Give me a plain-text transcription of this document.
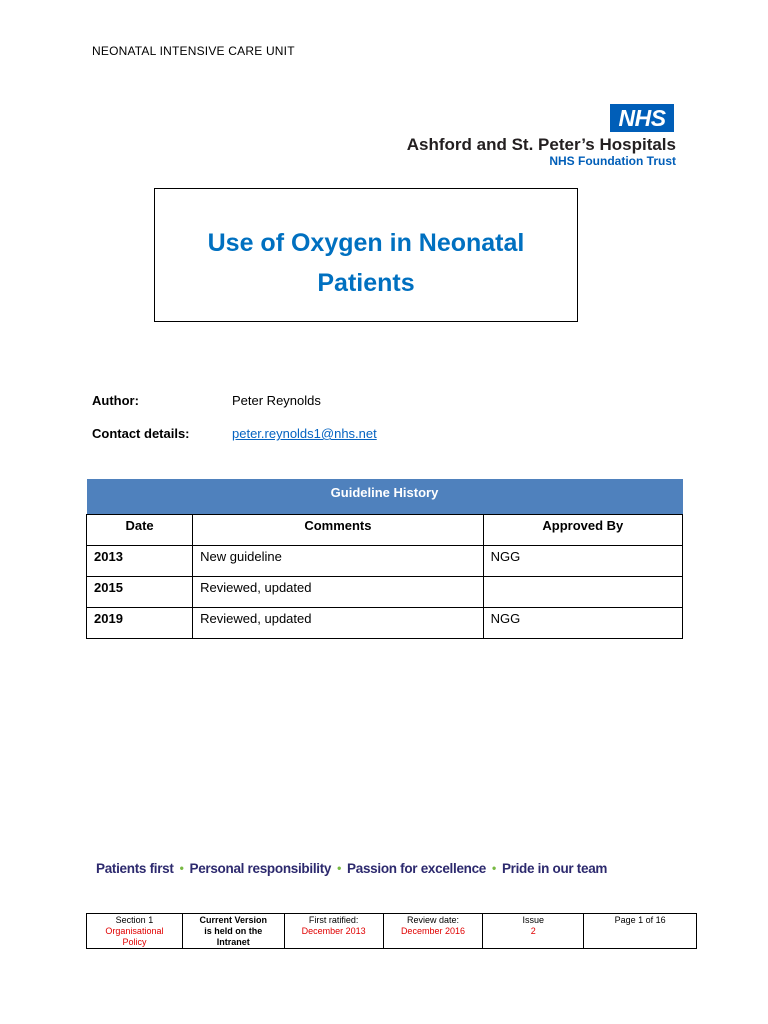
NEONATAL INTENSIVE CARE UNIT
NHS
Ashford and St. Peter’s Hospitals
NHS Foundation Trust
Use of Oxygen in Neonatal Patients
Author:	Peter Reynolds
Contact details:	peter.reynolds1@nhs.net
Guideline History		
Date	Comments	Approved By
2013	New guideline	NGG
2015	Reviewed, updated	
2019	Reviewed, updated	NGG
Patients first • Personal responsibility • Passion for excellence • Pride in our team
Section 1
Organisational
Policy

Current Version
is held on the
Intranet

First ratified:
December 2013

Review date:
December 2016

Issue
2

Page 1 of 16
